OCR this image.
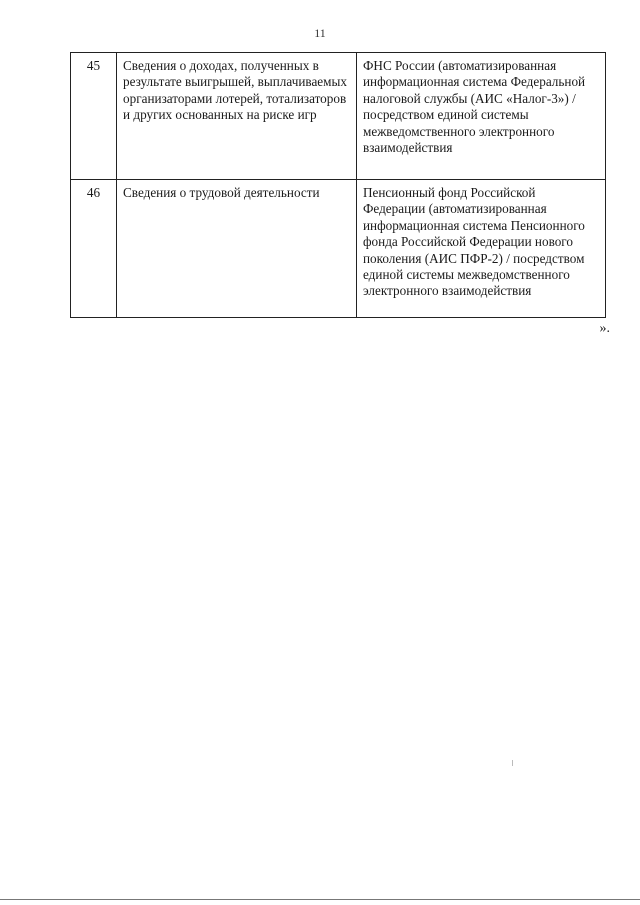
11
45	Сведения о доходах, полученных в результате выигрышей, выплачиваемых организаторами лотерей, тотализаторов и других основанных на риске игр	ФНС России (автоматизированная информационная система Федеральной налоговой службы (АИС «Налог-3») / посредством единой системы межведомственного электронного взаимодействия
46	Сведения о трудовой деятельности	Пенсионный фонд Российской Федерации (автоматизированная информационная система Пенсионного фонда Российской Федерации нового поколения (АИС ПФР-2) / посредством единой системы межведомственного электронного взаимодействия
».
